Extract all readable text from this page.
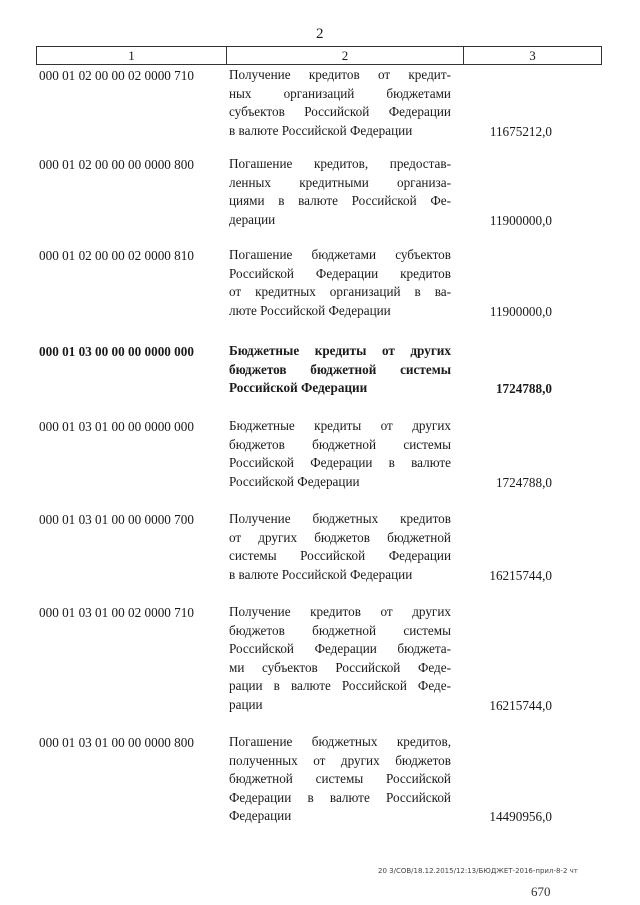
2
1	2	3
000 01 02 00 00 02 0000 710	Получение кредитов от кредит-
ных организаций бюджетами
субъектов Российской Федерации
в валюте Российской Федерации	11675212,0
000 01 02 00 00 00 0000 800	Погашение кредитов, предостав-
ленных кредитными организа-
циями в валюте Российской Фе-
дерации	11900000,0
000 01 02 00 00 02 0000 810	Погашение бюджетами субъектов
Российской Федерации кредитов
от кредитных организаций в ва-
люте Российской Федерации	11900000,0
000 01 03 00 00 00 0000 000	Бюджетные кредиты от других
бюджетов бюджетной системы
Российской Федерации	1724788,0
000 01 03 01 00 00 0000 000	Бюджетные кредиты от других
бюджетов бюджетной системы
Российской Федерации в валюте
Российской Федерации	1724788,0
000 01 03 01 00 00 0000 700	Получение бюджетных кредитов
от других бюджетов бюджетной
системы Российской Федерации
в валюте Российской Федерации	16215744,0
000 01 03 01 00 02 0000 710	Получение кредитов от других
бюджетов бюджетной системы
Российской Федерации бюджета-
ми субъектов Российской Феде-
рации в валюте Российской Феде-
рации	16215744,0
000 01 03 01 00 00 0000 800	Погашение бюджетных кредитов,
полученных от других бюджетов
бюджетной системы Российской
Федерации в валюте Российской
Федерации	14490956,0
20 3/СОВ/18.12.2015/12:13/БЮДЖЕТ-2016-прил-8-2 чт
670
